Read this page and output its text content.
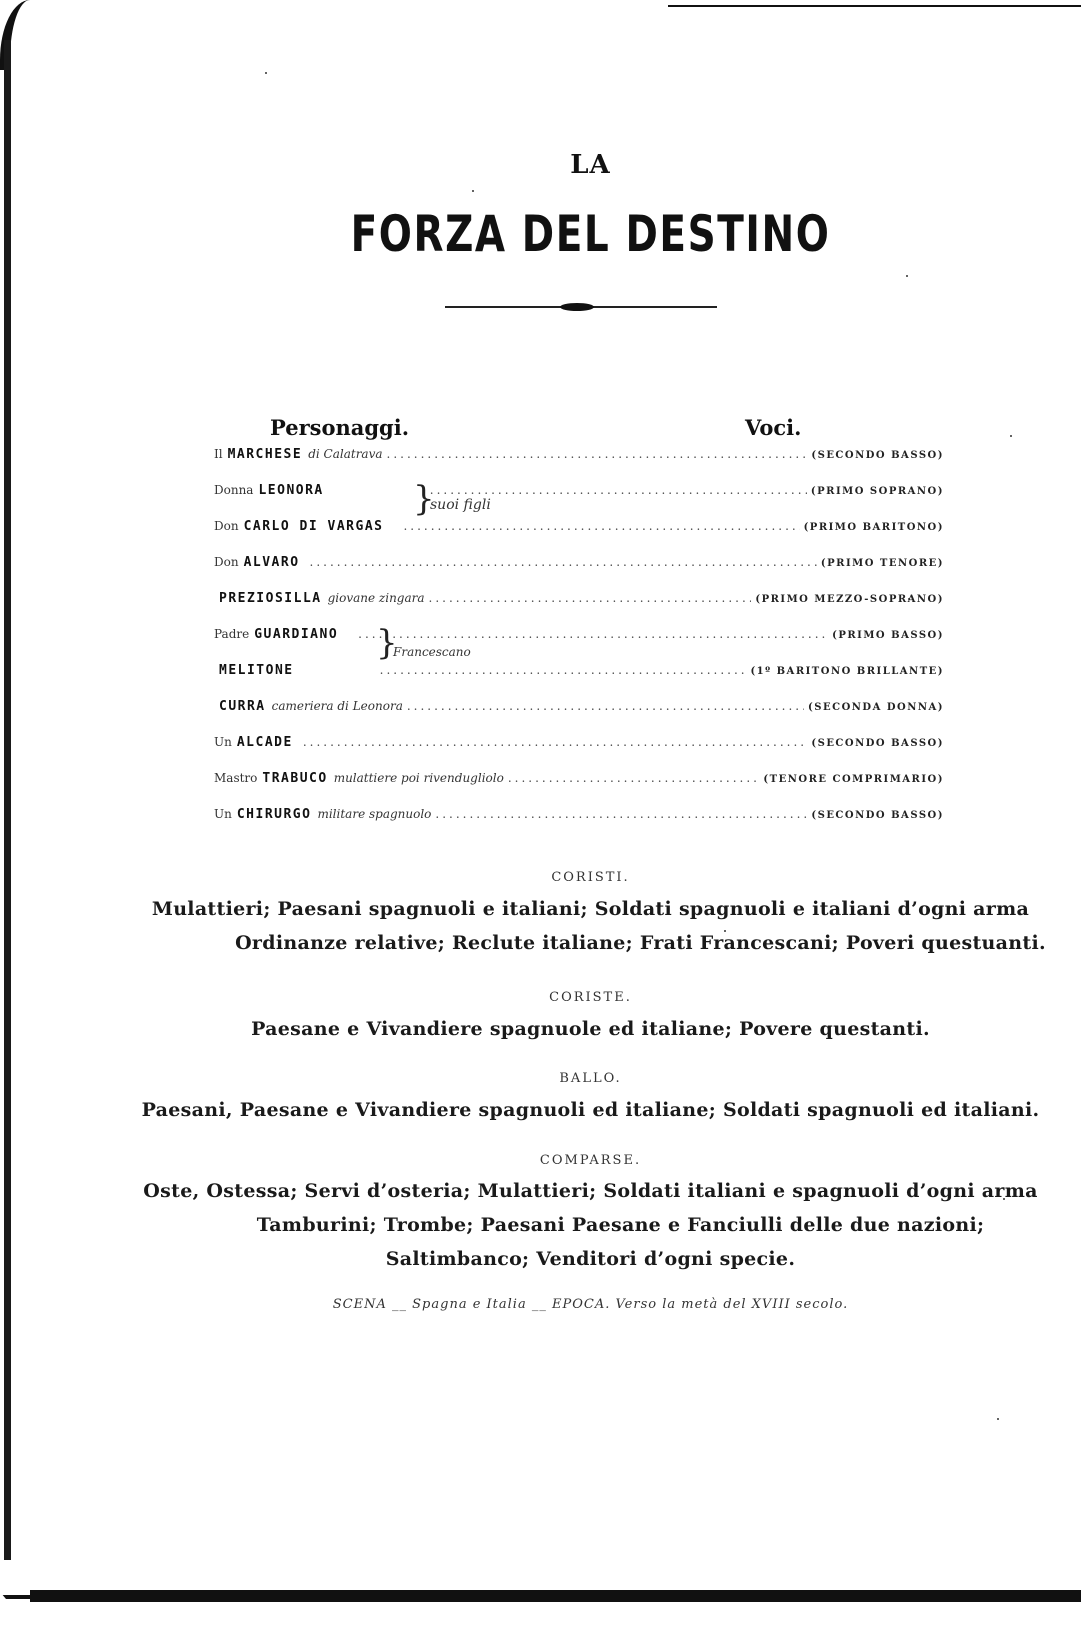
LA
FORZA DEL DESTINO
Personaggi.	Voci.
Il MARCHESE di Calatrava .....	(SECONDO BASSO)
Donna LEONORA .....	(PRIMO SOPRANO)
Don CARLO DI VARGAS .....	(PRIMO BARITONO)
}
suoi figli
Don ALVARO .....	(PRIMO TENORE)
PREZIOSILLA giovane zingara .....	(PRIMO MEZZO-SOPRANO)
Padre GUARDIANO .....	(PRIMO BASSO)
MELITONE .....	(1º BARITONO BRILLANTE)
}
Francescano
CURRA cameriera di Leonora .....	(SECONDA DONNA)
Un ALCADE .....	(SECONDO BASSO)
Mastro TRABUCO mulattiere poi rivendugliolo .....	(TENORE COMPRIMARIO)
Un CHIRURGO militare spagnuolo .....	(SECONDO BASSO)
CORISTI.
Mulattieri; Paesani spagnuoli e italiani; Soldati spagnuoli e italiani d’ogni arma
Ordinanze relative; Reclute italiane; Frati Francescani; Poveri questuanti.
CORISTE.
Paesane e Vivandiere spagnuole ed italiane; Povere questanti.
BALLO.
Paesani, Paesane e Vivandiere spagnuoli ed italiane; Soldati spagnuoli ed italiani.
COMPARSE.
Oste, Ostessa; Servi d’osteria; Mulattieri; Soldati italiani e spagnuoli d’ogni arma
Tamburini; Trombe; Paesani Paesane e Fanciulli delle due nazioni;
Saltimbanco; Venditori d’ogni specie.
SCENA __ Spagna e Italia __ EPOCA. Verso la metà del XVIII secolo.
